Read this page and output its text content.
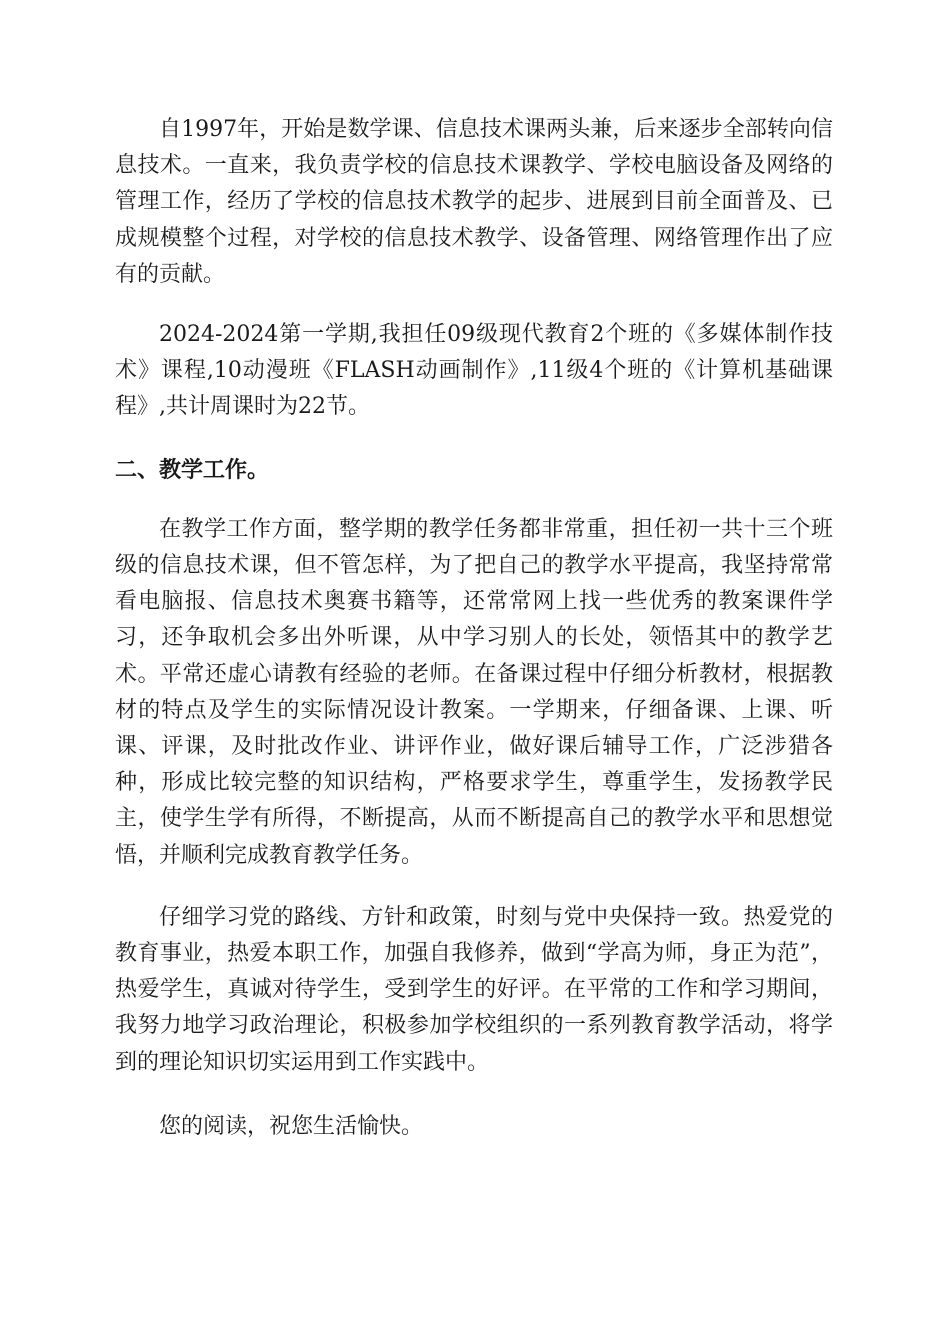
自1997年，开始是数学课、信息技术课两头兼，后来逐步全部转向信息技术。一直来，我负责学校的信息技术课教学、学校电脑设备及网络的管理工作，经历了学校的信息技术教学的起步、进展到目前全面普及、已成规模整个过程，对学校的信息技术教学、设备管理、网络管理作出了应有的贡献。

2024-2024第一学期,我担任09级现代教育2个班的《多媒体制作技术》课程,10动漫班《FLASH动画制作》,11级4个班的《计算机基础课程》,共计周课时为22节。

二、教学工作。

在教学工作方面，整学期的教学任务都非常重，担任初一共十三个班级的信息技术课，但不管怎样，为了把自己的教学水平提高，我坚持常常看电脑报、信息技术奥赛书籍等，还常常网上找一些优秀的教案课件学习，还争取机会多出外听课，从中学习别人的长处，领悟其中的教学艺术。平常还虚心请教有经验的老师。在备课过程中仔细分析教材，根据教材的特点及学生的实际情况设计教案。一学期来，仔细备课、上课、听课、评课，及时批改作业、讲评作业，做好课后辅导工作，广泛涉猎各种，形成比较完整的知识结构，严格要求学生，尊重学生，发扬教学民主，使学生学有所得，不断提高，从而不断提高自己的教学水平和思想觉悟，并顺利完成教育教学任务。

仔细学习党的路线、方针和政策，时刻与党中央保持一致。热爱党的教育事业，热爱本职工作，加强自我修养，做到“学高为师，身正为范”，热爱学生，真诚对待学生，受到学生的好评。在平常的工作和学习期间，我努力地学习政治理论，积极参加学校组织的一系列教育教学活动，将学到的理论知识切实运用到工作实践中。

您的阅读，祝您生活愉快。
